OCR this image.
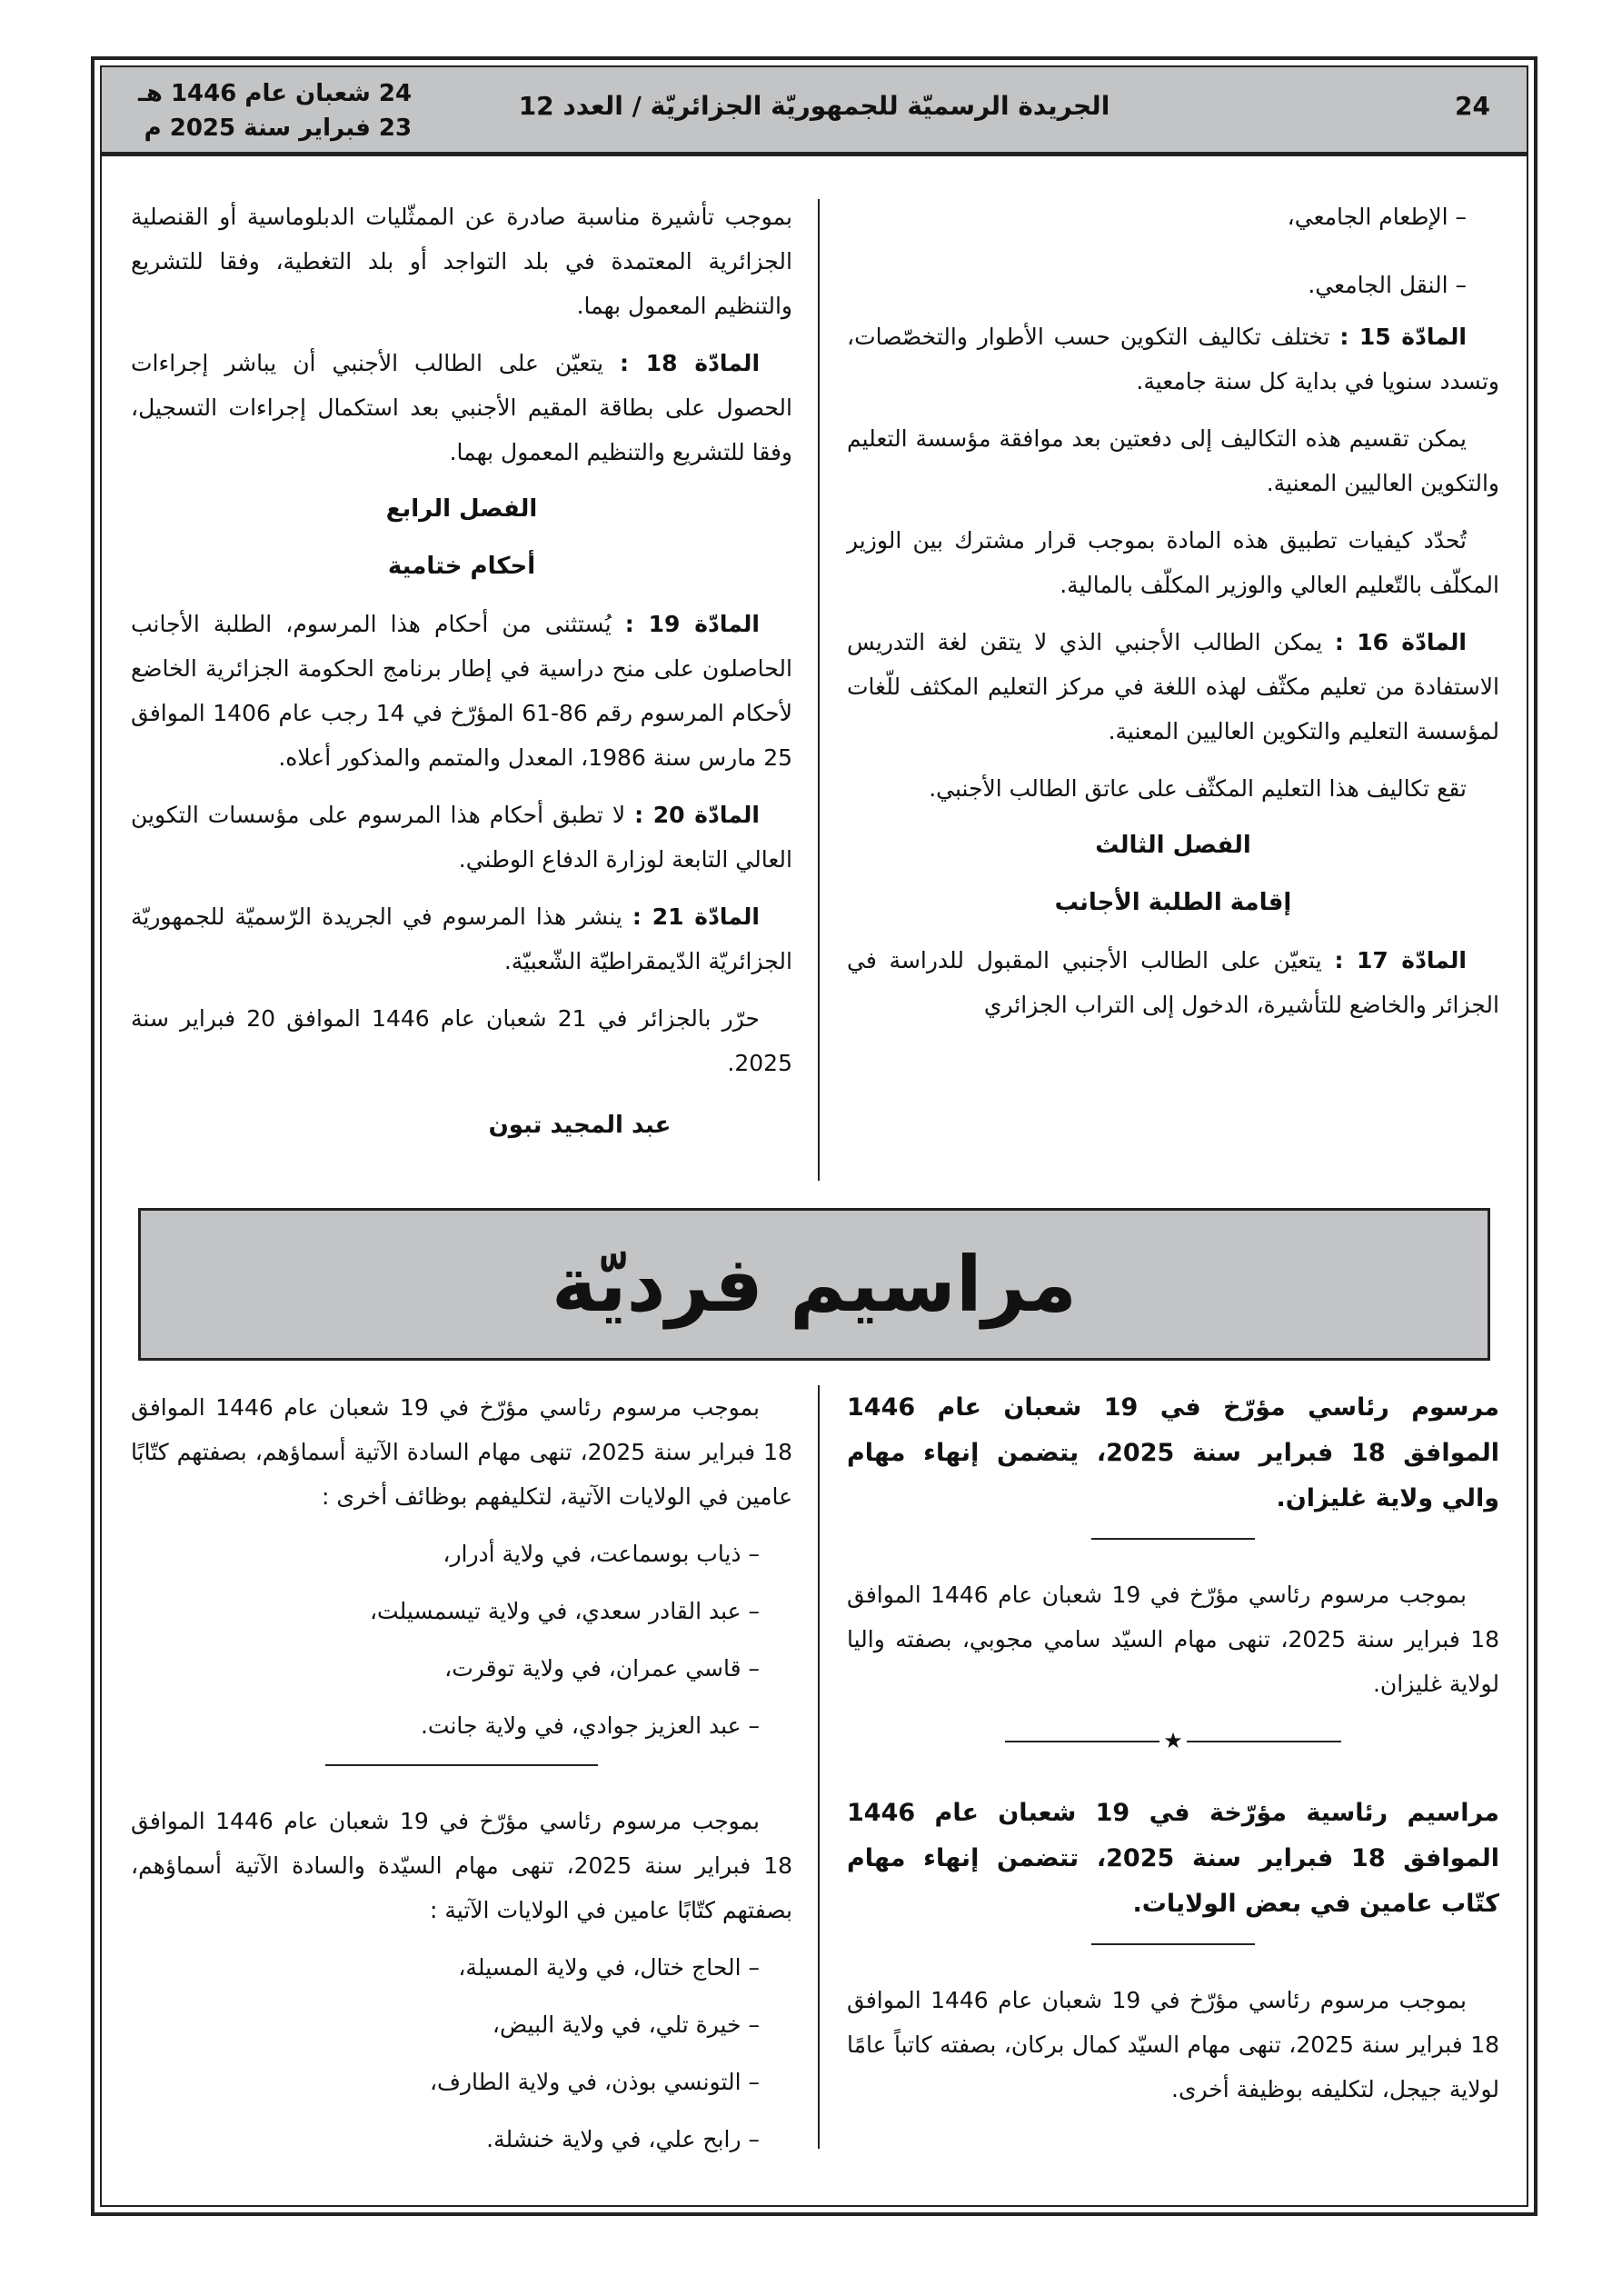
24
الجريدة الرسميّة للجمهوريّة الجزائريّة / العدد 12
24 شعبان عام 1446 هـ
23 فبراير سنة 2025 م

– الإطعام الجامعي،

– النقل الجامعي.

المادّة 15 : تختلف تكاليف التكوين حسب الأطوار والتخصّصات، وتسدد سنويا في بداية كل سنة جامعية.

يمكن تقسيم هذه التكاليف إلى دفعتين بعد موافقة مؤسسة التعليم والتكوين العاليين المعنية.

تُحدّد كيفيات تطبيق هذه المادة بموجب قرار مشترك بين الوزير المكلّف بالتّعليم العالي والوزير المكلّف بالمالية.

المادّة 16 : يمكن الطالب الأجنبي الذي لا يتقن لغة التدريس الاستفادة من تعليم مكثّف لهذه اللغة في مركز التعليم المكثف للّغات لمؤسسة التعليم والتكوين العاليين المعنية.

تقع تكاليف هذا التعليم المكثّف على عاتق الطالب الأجنبي.

الفصل الثالث
إقامة الطلبة الأجانب

المادّة 17 : يتعيّن على الطالب الأجنبي المقبول للدراسة في الجزائر والخاضع للتأشيرة، الدخول إلى التراب الجزائري

بموجب تأشيرة مناسبة صادرة عن الممثّليات الدبلوماسية أو القنصلية الجزائرية المعتمدة في بلد التواجد أو بلد التغطية، وفقا للتشريع والتنظيم المعمول بهما.

المادّة 18 : يتعيّن على الطالب الأجنبي أن يباشر إجراءات الحصول على بطاقة المقيم الأجنبي بعد استكمال إجراءات التسجيل، وفقا للتشريع والتنظيم المعمول بهما.

الفصل الرابع
أحكام ختامية

المادّة 19 : يُستثنى من أحكام هذا المرسوم، الطلبة الأجانب الحاصلون على منح دراسية في إطار برنامج الحكومة الجزائرية الخاضع لأحكام المرسوم رقم 86-61 المؤرّخ في 14 رجب عام 1406 الموافق 25 مارس سنة 1986، المعدل والمتمم والمذكور أعلاه.

المادّة 20 : لا تطبق أحكام هذا المرسوم على مؤسسات التكوين العالي التابعة لوزارة الدفاع الوطني.

المادّة 21 : ينشر هذا المرسوم في الجريدة الرّسميّة للجمهوريّة الجزائريّة الدّيمقراطيّة الشّعبيّة.

حرّر بالجزائر في 21 شعبان عام 1446 الموافق 20 فبراير سنة 2025.

عبد المجيد تبون
مراسيم فرديّة

مرسوم رئاسي مؤرّخ في 19 شعبان عام 1446 الموافق 18 فبراير سنة 2025، يتضمن إنهاء مهام والي ولاية غليزان.

بموجب مرسوم رئاسي مؤرّخ في 19 شعبان عام 1446 الموافق 18 فبراير سنة 2025، تنهى مهام السيّد سامي مجوبي، بصفته واليا لولاية غليزان.

★

مراسيم رئاسية مؤرّخة في 19 شعبان عام 1446 الموافق 18 فبراير سنة 2025، تتضمن إنهاء مهام كتّاب عامين في بعض الولايات.

بموجب مرسوم رئاسي مؤرّخ في 19 شعبان عام 1446 الموافق 18 فبراير سنة 2025، تنهى مهام السيّد كمال بركان، بصفته كاتباً عامًا لولاية جيجل، لتكليفه بوظيفة أخرى.

بموجب مرسوم رئاسي مؤرّخ في 19 شعبان عام 1446 الموافق 18 فبراير سنة 2025، تنهى مهام السادة الآتية أسماؤهم، بصفتهم كتّابًا عامين في الولايات الآتية، لتكليفهم بوظائف أخرى :

– ذياب بوسماعت، في ولاية أدرار،

– عبد القادر سعدي، في ولاية تيسمسيلت،

– قاسي عمران، في ولاية توقرت،

– عبد العزيز جوادي، في ولاية جانت.

بموجب مرسوم رئاسي مؤرّخ في 19 شعبان عام 1446 الموافق 18 فبراير سنة 2025، تنهى مهام السيّدة والسادة الآتية أسماؤهم، بصفتهم كتّابًا عامين في الولايات الآتية :

– الحاج ختال، في ولاية المسيلة،

– خيرة تلي، في ولاية البيض،

– التونسي بوذن، في ولاية الطارف،

– رابح علي، في ولاية خنشلة.
